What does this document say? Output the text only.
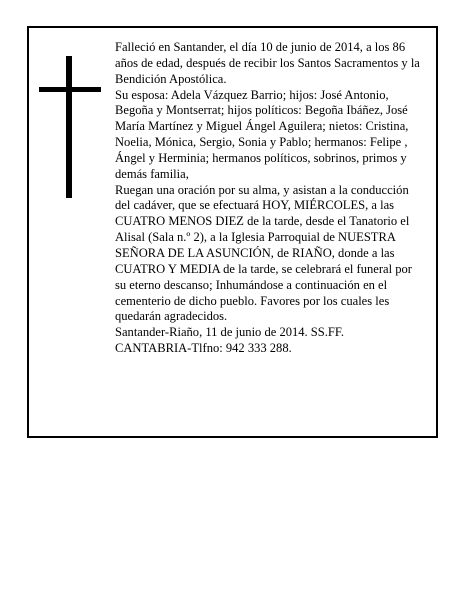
Falleció en Santander, el día 10 de junio de 2014, a los 86 años de edad, después de recibir los Santos Sacramentos y la Bendición Apostólica.

Su esposa: Adela Vázquez Barrio; hijos: José Antonio, Begoña y Montserrat; hijos políticos: Begoña Ibáñez, José María Martínez y Miguel Ángel Aguilera; nietos: Cristina, Noelia, Mónica, Sergio, Sonia y Pablo; hermanos: Felipe , Ángel y Herminia; hermanos políticos, sobrinos, primos y demás familia,

Ruegan una oración por su alma, y asistan a la conducción del cadáver, que se efectuará HOY, MIÉRCOLES, a las CUATRO MENOS DIEZ de la tarde, desde el Tanatorio el Alisal (Sala n.º 2), a la Iglesia Parroquial de NUESTRA SEÑORA DE LA ASUNCIÓN, de RIAÑO, donde a las CUATRO Y MEDIA de la tarde, se celebrará el funeral por su eterno descanso; Inhumándose a continuación en el cementerio de dicho pueblo. Favores por los cuales les quedarán agradecidos.

Santander-Riaño, 11 de junio de 2014. SS.FF. CANTABRIA-Tlfno: 942 333 288.
